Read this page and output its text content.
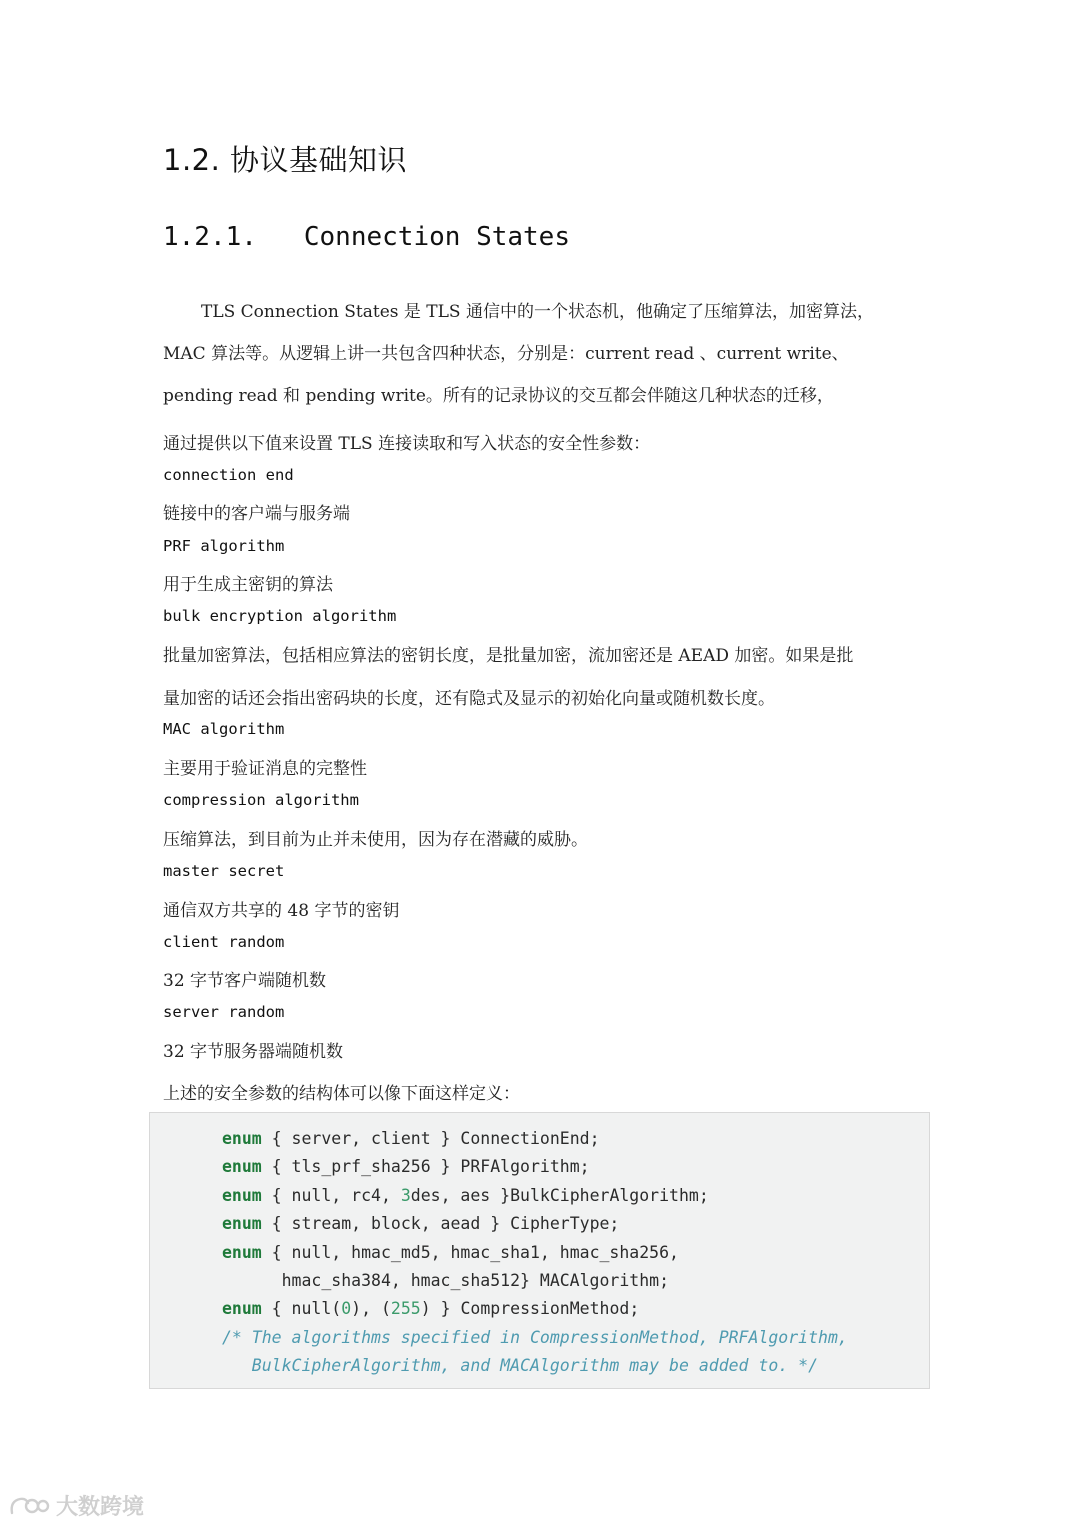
1.2. 协议基础知识
1.2.1.   Connection States
TLS Connection States 是 TLS 通信中的一个状态机，他确定了压缩算法，加密算法，
MAC 算法等。从逻辑上讲一共包含四种状态，分别是：current read 、current write、
pending read 和 pending write。所有的记录协议的交互都会伴随这几种状态的迁移，
通过提供以下值来设置 TLS 连接读取和写入状态的安全性参数：
connection end
链接中的客户端与服务端
PRF algorithm
用于生成主密钥的算法
bulk encryption algorithm
批量加密算法，包括相应算法的密钥长度，是批量加密，流加密还是 AEAD 加密。如果是批
量加密的话还会指出密码块的长度，还有隐式及显示的初始化向量或随机数长度。
MAC algorithm
主要用于验证消息的完整性
compression algorithm
压缩算法，到目前为止并未使用，因为存在潜藏的威胁。
master secret
通信双方共享的 48 字节的密钥
client random
32 字节客户端随机数
server random
32 字节服务器端随机数
上述的安全参数的结构体可以像下面这样定义：
enum { server, client } ConnectionEnd;
enum { tls_prf_sha256 } PRFAlgorithm;
enum { null, rc4, 3des, aes }BulkCipherAlgorithm;
enum { stream, block, aead } CipherType;
enum { null, hmac_md5, hmac_sha1, hmac_sha256,
hmac_sha384, hmac_sha512} MACAlgorithm;
enum { null(0), (255) } CompressionMethod;
/* The algorithms specified in CompressionMethod, PRFAlgorithm,
BulkCipherAlgorithm, and MACAlgorithm may be added to. */
大数跨境
